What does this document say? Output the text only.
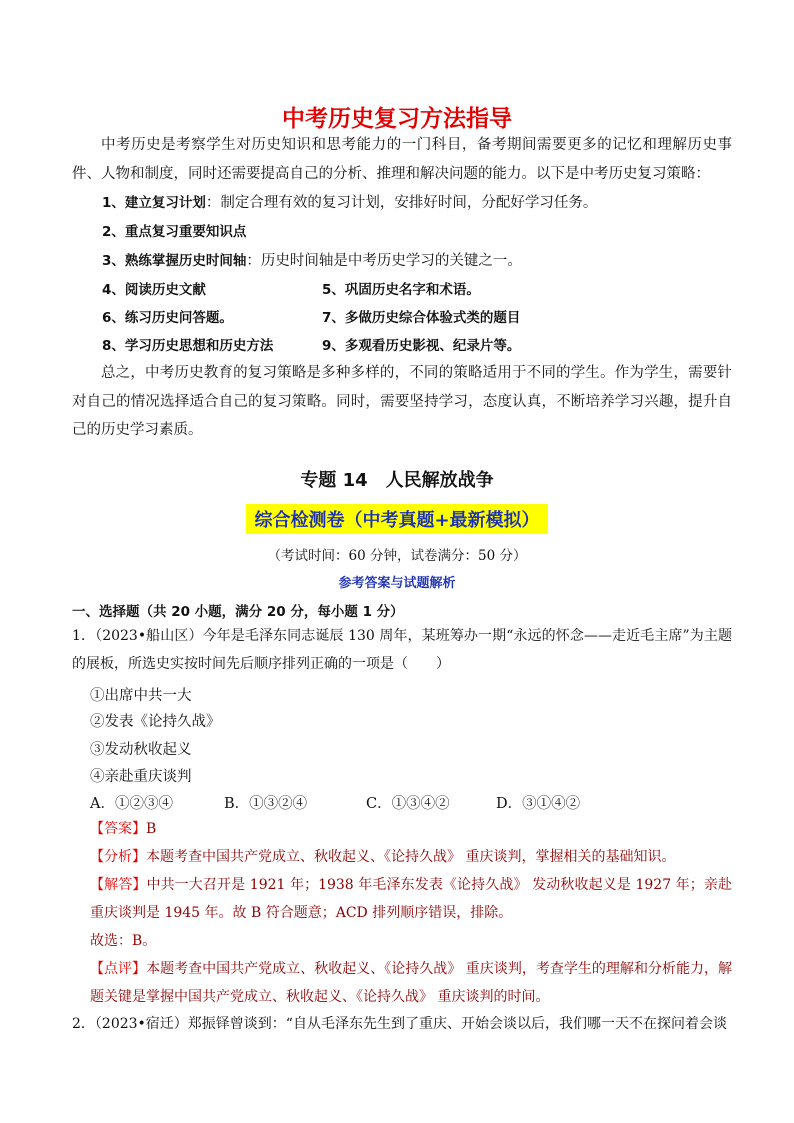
中考历史复习方法指导
中考历史是考察学生对历史知识和思考能力的一门科目，备考期间需要更多的记忆和理解历史事件、人物和制度，同时还需要提高自己的分析、推理和解决问题的能力。以下是中考历史复习策略：
1、建立复习计划：制定合理有效的复习计划，安排好时间，分配好学习任务。
2、重点复习重要知识点
3、熟练掌握历史时间轴：历史时间轴是中考历史学习的关键之一。
4、阅读历史文献	5、巩固历史名字和术语。
6、练习历史问答题。	7、多做历史综合体验式类的题目
8、学习历史思想和历史方法	9、多观看历史影视、纪录片等。
总之，中考历史教育的复习策略是多种多样的，不同的策略适用于不同的学生。作为学生，需要针对自己的情况选择适合自己的复习策略。同时，需要坚持学习，态度认真，不断培养学习兴趣，提升自己的历史学习素质。
专题 14　人民解放战争
综合检测卷（中考真题+最新模拟）
（考试时间：60 分钟，试卷满分：50 分）
参考答案与试题解析
一、选择题（共 20 小题，满分 20 分，每小题 1 分）
1．（2023•船山区）今年是毛泽东同志诞辰 130 周年，某班筹办一期“永远的怀念——走近毛主席”为主题的展板，所选史实按时间先后顺序排列正确的一项是（　　）
①出席中共一大
②发表《论持久战》
③发动秋收起义
④亲赴重庆谈判
A．①②③④	B．①③②④	C．①③④②	D．③①④②
【答案】B
【分析】本题考查中国共产党成立、秋收起义、《论持久战》 重庆谈判，掌握相关的基础知识。
【解答】中共一大召开是 1921 年；1938 年毛泽东发表《论持久战》 发动秋收起义是 1927 年；亲赴重庆谈判是 1945 年。故 B 符合题意；ACD 排列顺序错误，排除。
故选：B。
【点评】本题考查中国共产党成立、秋收起义、《论持久战》 重庆谈判，考查学生的理解和分析能力，解题关键是掌握中国共产党成立、秋收起义、《论持久战》 重庆谈判的时间。
2．（2023•宿迁）郑振铎曾谈到：“自从毛泽东先生到了重庆、开始会谈以后，我们哪一天不在探问着会谈
